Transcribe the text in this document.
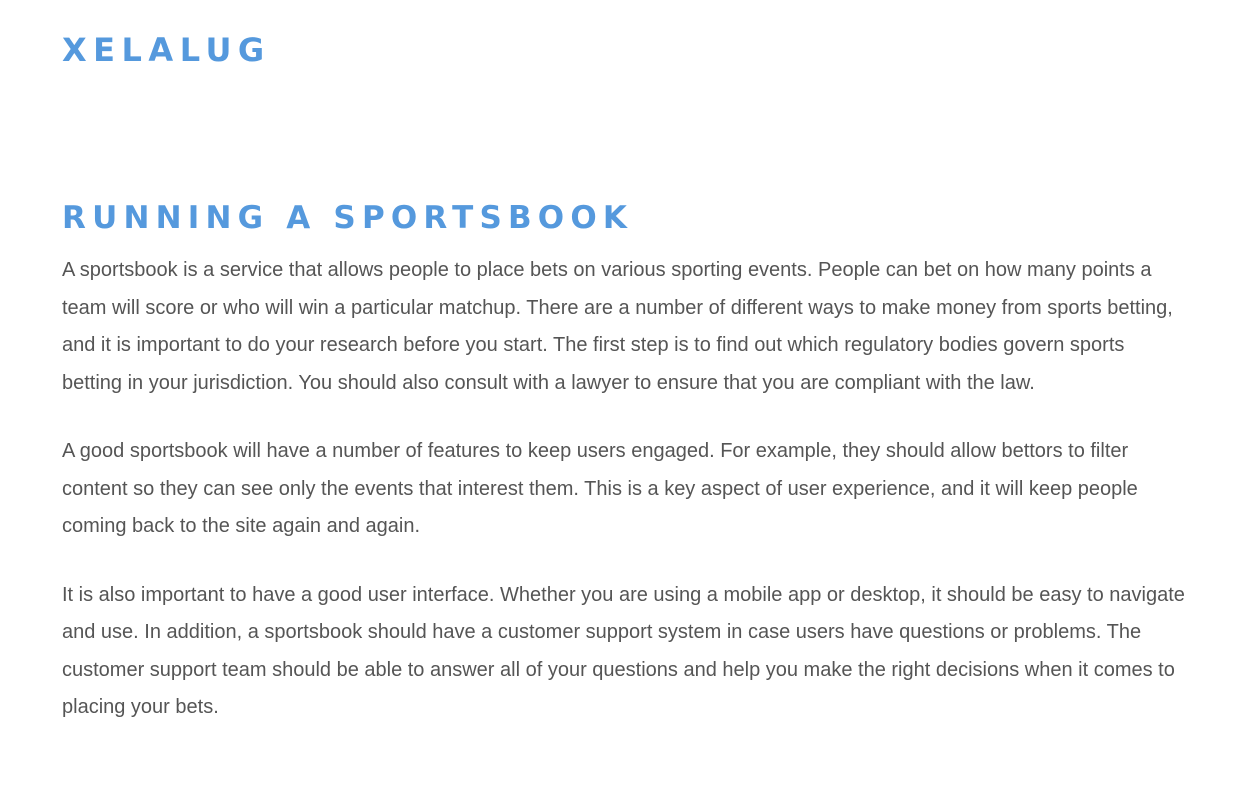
XELALUG
RUNNING A SPORTSBOOK

A sportsbook is a service that allows people to place bets on various sporting events. People can bet on how many points a team will score or who will win a particular matchup. There are a number of different ways to make money from sports betting, and it is important to do your research before you start. The first step is to find out which regulatory bodies govern sports betting in your jurisdiction. You should also consult with a lawyer to ensure that you are compliant with the law.

A good sportsbook will have a number of features to keep users engaged. For example, they should allow bettors to filter content so they can see only the events that interest them. This is a key aspect of user experience, and it will keep people coming back to the site again and again.

It is also important to have a good user interface. Whether you are using a mobile app or desktop, it should be easy to navigate and use. In addition, a sportsbook should have a customer support system in case users have questions or problems. The customer support team should be able to answer all of your questions and help you make the right decisions when it comes to placing your bets.
